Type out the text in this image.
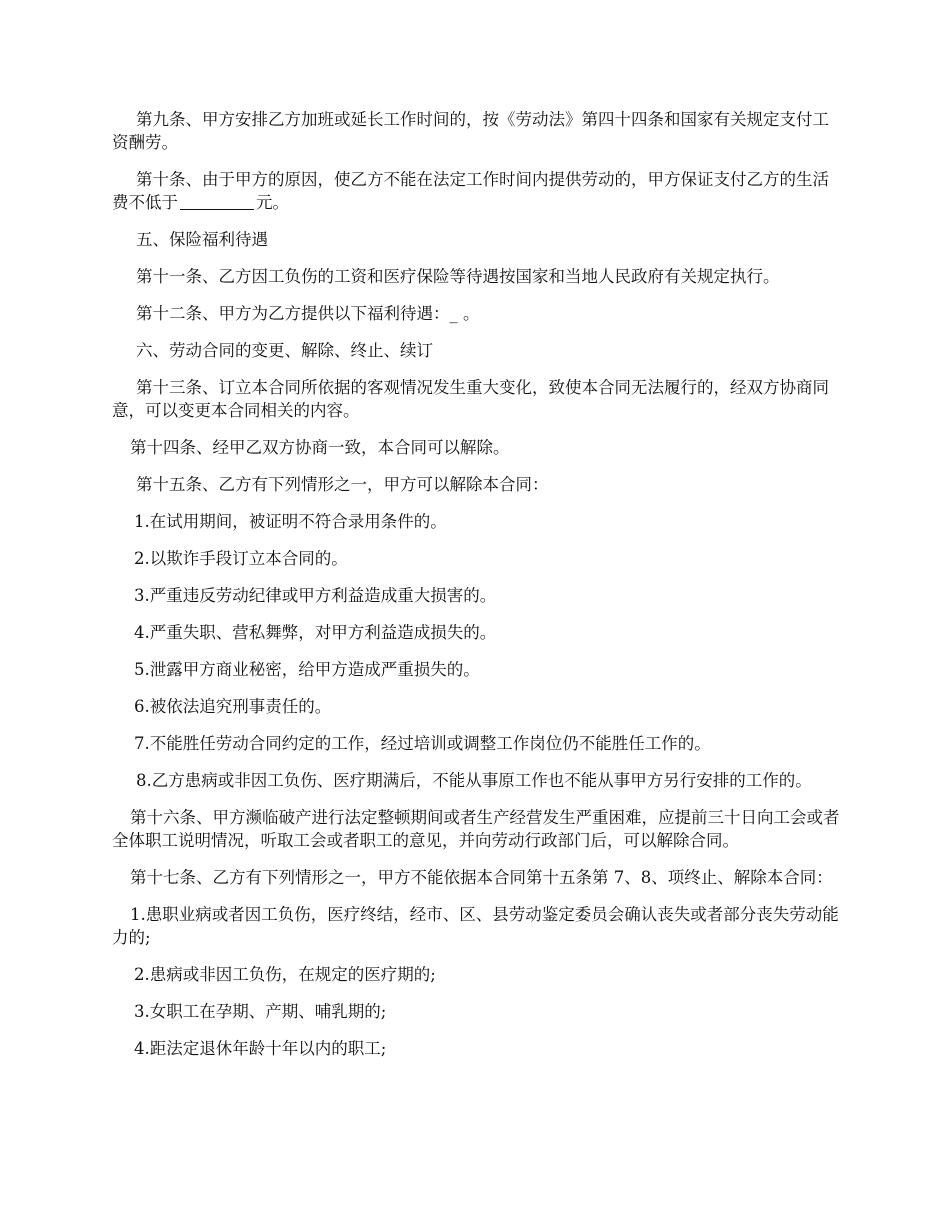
第九条、甲方安排乙方加班或延长工作时间的，按《劳动法》第四十四条和国家有关规定支付工资酬劳。

第十条、由于甲方的原因，使乙方不能在法定工作时间内提供劳动的，甲方保证支付乙方的生活费不低于	元。

五、保险福利待遇

第十一条、乙方因工负伤的工资和医疗保险等待遇按国家和当地人民政府有关规定执行。

第十二条、甲方为乙方提供以下福利待遇：_ 。

六、劳动合同的变更、解除、终止、续订

第十三条、订立本合同所依据的客观情况发生重大变化，致使本合同无法履行的，经双方协商同意，可以变更本合同相关的内容。

第十四条、经甲乙双方协商一致，本合同可以解除。

第十五条、乙方有下列情形之一，甲方可以解除本合同：

1.在试用期间，被证明不符合录用条件的。

2.以欺诈手段订立本合同的。

3.严重违反劳动纪律或甲方利益造成重大损害的。

4.严重失职、营私舞弊，对甲方利益造成损失的。

5.泄露甲方商业秘密，给甲方造成严重损失的。

6.被依法追究刑事责任的。

7.不能胜任劳动合同约定的工作，经过培训或调整工作岗位仍不能胜任工作的。

8.乙方患病或非因工负伤、医疗期满后，不能从事原工作也不能从事甲方另行安排的工作的。

第十六条、甲方濒临破产进行法定整顿期间或者生产经营发生严重困难，应提前三十日向工会或者全体职工说明情况，听取工会或者职工的意见，并向劳动行政部门后，可以解除合同。

第十七条、乙方有下列情形之一，甲方不能依据本合同第十五条第 7、8、项终止、解除本合同：

1.患职业病或者因工负伤，医疗终结，经市、区、县劳动鉴定委员会确认丧失或者部分丧失劳动能力的;

2.患病或非因工负伤，在规定的医疗期的;

3.女职工在孕期、产期、哺乳期的;

4.距法定退休年龄十年以内的职工;
